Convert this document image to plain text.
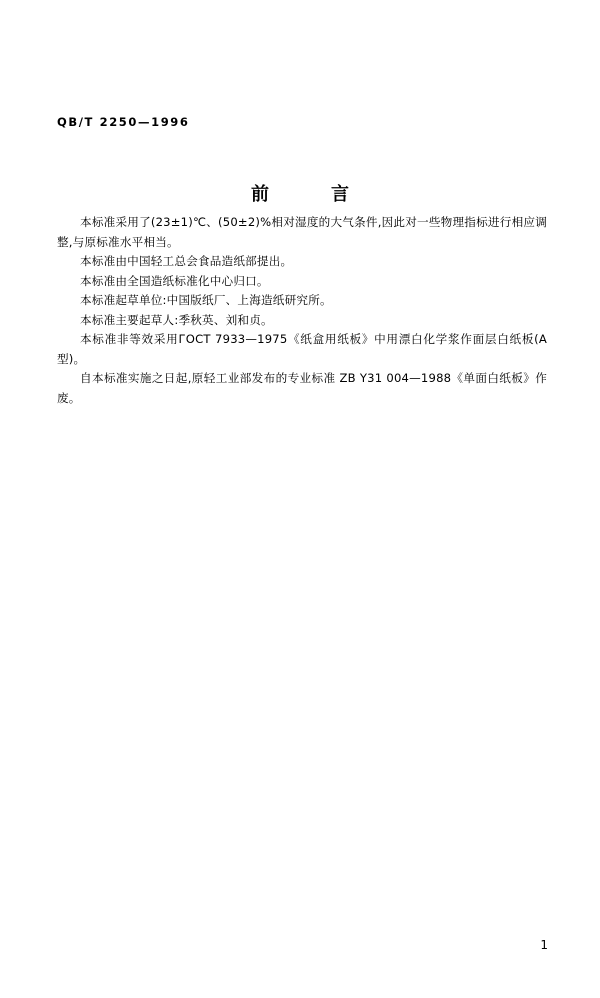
QB/T 2250—1996
前　言

本标准采用了(23±1)℃、(50±2)%相对湿度的大气条件,因此对一些物理指标进行相应调整,与原标准水平相当。

本标准由中国轻工总会食品造纸部提出。

本标准由全国造纸标准化中心归口。

本标准起草单位:中国版纸厂、上海造纸研究所。

本标准主要起草人:季秋英、刘和贞。

本标准非等效采用ГОСТ 7933—1975《纸盒用纸板》中用漂白化学浆作面层白纸板(A型)。

自本标准实施之日起,原轻工业部发布的专业标准 ZB Y31 004—1988《单面白纸板》作废。

1
